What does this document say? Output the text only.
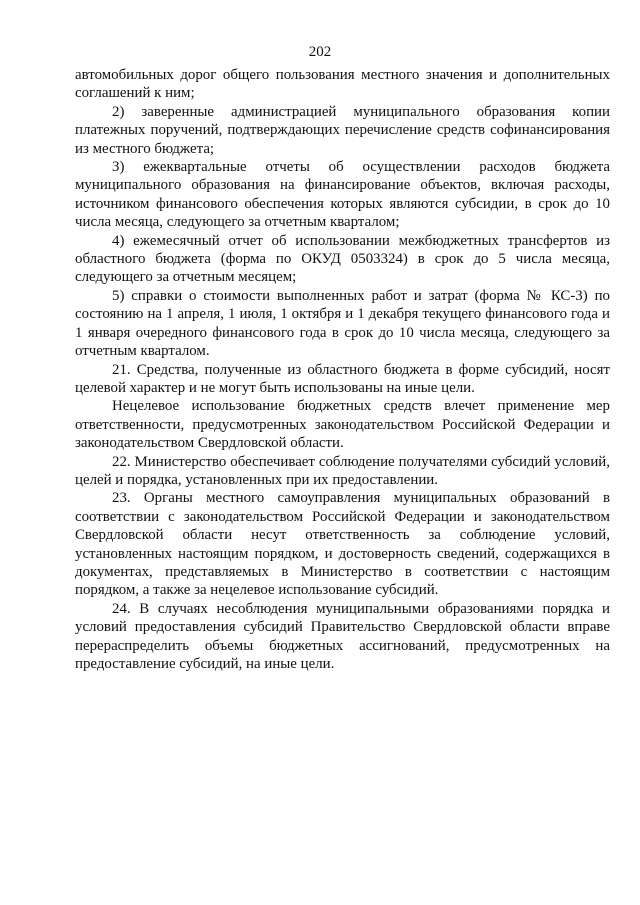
202

автомобильных дорог общего пользования местного значения и дополнительных соглашений к ним;

2) заверенные администрацией муниципального образования копии платежных поручений, подтверждающих перечисление средств софинансирования из местного бюджета;

3) ежеквартальные отчеты об осуществлении расходов бюджета муниципального образования на финансирование объектов, включая расходы, источником финансового обеспечения которых являются субсидии, в срок до 10 числа месяца, следующего за отчетным кварталом;

4) ежемесячный отчет об использовании межбюджетных трансфертов из областного бюджета (форма по ОКУД 0503324) в срок до 5 числа месяца, следующего за отчетным месяцем;

5) справки о стоимости выполненных работ и затрат (форма № КС-3) по состоянию на 1 апреля, 1 июля, 1 октября и 1 декабря текущего финансового года и 1 января очередного финансового года в срок до 10 числа месяца, следующего за отчетным кварталом.

21. Средства, полученные из областного бюджета в форме субсидий, носят целевой характер и не могут быть использованы на иные цели.

Нецелевое использование бюджетных средств влечет применение мер ответственности, предусмотренных законодательством Российской Федерации и законодательством Свердловской области.

22. Министерство обеспечивает соблюдение получателями субсидий условий, целей и порядка, установленных при их предоставлении.

23. Органы местного самоуправления муниципальных образований в соответствии с законодательством Российской Федерации и законодательством Свердловской области несут ответственность за соблюдение условий, установленных настоящим порядком, и достоверность сведений, содержащихся в документах, представляемых в Министерство в соответствии с настоящим порядком, а также за нецелевое использование субсидий.

24. В случаях несоблюдения муниципальными образованиями порядка и условий предоставления субсидий Правительство Свердловской области вправе перераспределить объемы бюджетных ассигнований, предусмотренных на предоставление субсидий, на иные цели.
